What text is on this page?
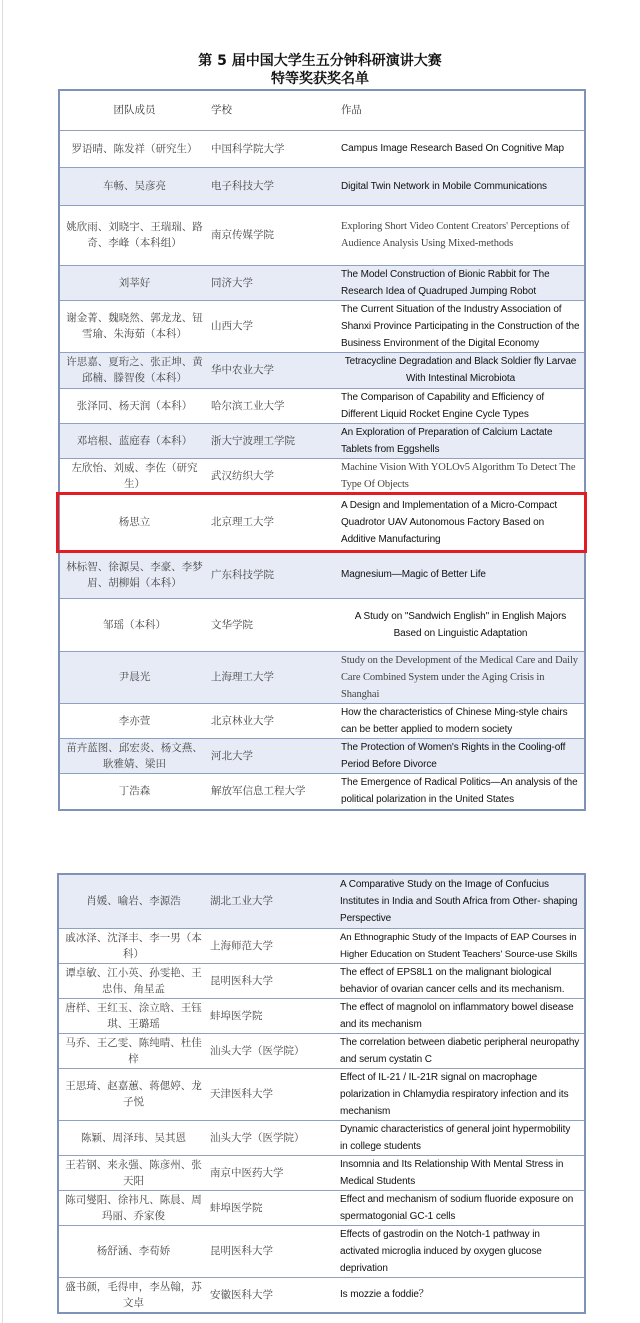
第 5 届中国大学生五分钟科研演讲大赛
特等奖获奖名单
团队成员	学校	作品
罗语晴、陈发祥（研究生）	中国科学院大学	Campus Image Research Based On Cognitive Map
车畅、吴彦亮	电子科技大学	Digital Twin Network in Mobile Communications
姚欣雨、刘晓宇、王瑞瑞、路奇、李峰（本科组）	南京传媒学院	Exploring Short Video Content Creators' Perceptions of Audience Analysis Using Mixed-methods
刘莘好	同济大学	The Model Construction of Bionic Rabbit for The Research Idea of Quadruped Jumping Robot
谢金菁、魏晓然、郭龙龙、钮雪瑜、朱海茹（本科）	山西大学	The Current Situation of the Industry Association of Shanxi Province Participating in the Construction of the Business Environment of the Digital Economy
许思嘉、夏珩之、张正坤、黄邱楠、滕智俊（本科）	华中农业大学	Tetracycline Degradation and Black Soldier fly Larvae With Intestinal Microbiota
张泽同、杨天润（本科）	哈尔滨工业大学	The Comparison of Capability and Efficiency of Different Liquid Rocket Engine Cycle Types
邓培根、蓝庭春（本科）	浙大宁波理工学院	An Exploration of Preparation of Calcium Lactate Tablets from Eggshells
左欣怡、刘威、李佐（研究生）	武汉纺织大学	Machine Vision With YOLOv5 Algorithm To Detect The Type Of Objects
杨思立	北京理工大学	A Design and Implementation of a Micro-Compact Quadrotor UAV Autonomous Factory Based on Additive Manufacturing
林标智、徐源昊、李豪、李梦眉、胡柳娟（本科）	广东科技学院	Magnesium—Magic of Better Life
邹瑶（本科）	文华学院	A Study on "Sandwich English" in English Majors Based on Linguistic Adaptation
尹晨光	上海理工大学	Study on the Development of the Medical Care and Daily Care Combined System under the Aging Crisis in Shanghai
李亦萱	北京林业大学	How the characteristics of Chinese Ming-style chairs can be better applied to modern society
苗卉蓝图、邱宏炎、杨文燕、耿雅婧、梁田	河北大学	The Protection of Women's Rights in the Cooling-off Period Before Divorce
丁浩森	解放军信息工程大学	The Emergence of Radical Politics—An analysis of the political polarization in the United States
肖媛、喻岩、李源浩	湖北工业大学	A Comparative Study on the Image of Confucius Institutes in India and South Africa from Other- shaping Perspective
戚冰泽、沈泽丰、李一男（本科）	上海师范大学	An Ethnographic Study of the Impacts of EAP Courses in Higher Education on Student Teachers' Source-use Skills
谭卓敏、江小英、孙雯艳、王忠伟、角星孟	昆明医科大学	The effect of EPS8L1 on the malignant biological behavior of ovarian cancer cells and its mechanism.
唐样、王红玉、涂立晗、王钰琪、王璐瑶	蚌埠医学院	The effect of magnolol on inflammatory bowel disease and its mechanism
马乔、王乙雯、陈纯晴、杜佳梓	汕头大学（医学院）	The correlation between diabetic peripheral neuropathy and serum cystatin C
王思琦、赵嘉蕙、蒋偲婷、龙子悦	天津医科大学	Effect of IL-21 / IL-21R signal on macrophage polarization in Chlamydia respiratory infection and its mechanism
陈颖、周泽玮、吴其恩	汕头大学（医学院）	Dynamic characteristics of general joint hypermobility in college students
王若钢、来永强、陈彦州、张天阳	南京中医药大学	Insomnia and Its Relationship With Mental Stress in Medical Students
陈司燮阳、徐祎凡、陈晨、周玛丽、乔家俊	蚌埠医学院	Effect and mechanism of sodium fluoride exposure on spermatogonial GC-1 cells
杨舒涵、李荀娇	昆明医科大学	Effects of gastrodin on the Notch-1 pathway in activated microglia induced by oxygen glucose deprivation
盛书颜，毛得申，李丛翰，苏文卓	安徽医科大学	Is mozzie a foddie？
